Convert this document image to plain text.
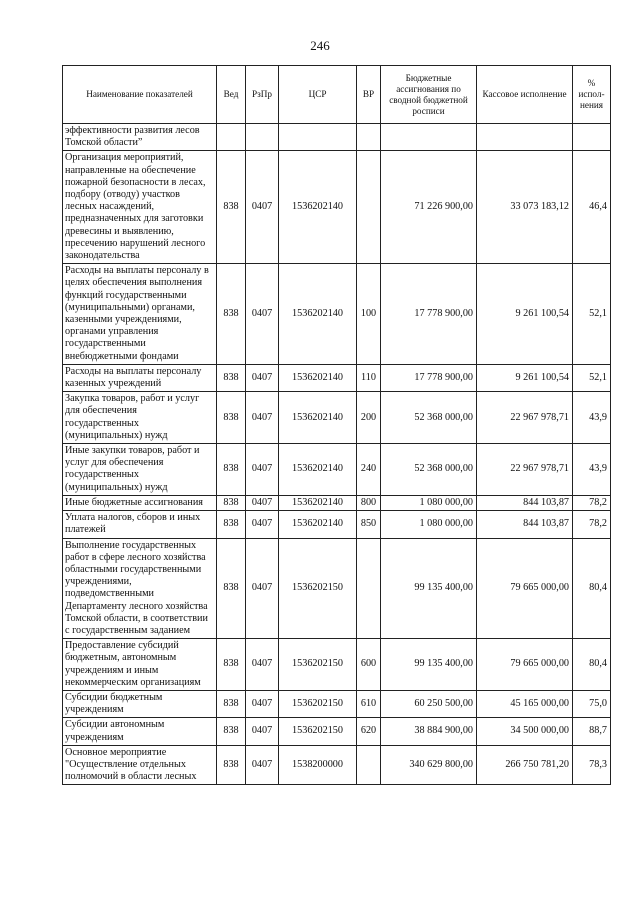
246
Наименование показателей	Вед	РзПр	ЦСР	ВР	Бюджетные ассигнования по сводной бюджетной росписи	Кассовое исполнение	% испол-нения
эффективности развития лесов Томской области”							
Организация мероприятий, направленные на обеспечение пожарной безопасности в лесах, подбору (отводу) участков лесных насаждений, предназначенных для заготовки древесины и выявлению, пресечению нарушений лесного законодательства	838	0407	1536202140		71 226 900,00	33 073 183,12	46,4
Расходы на выплаты персоналу в целях обеспечения выполнения функций государственными (муниципальными) органами, казенными учреждениями, органами управления государственными внебюджетными фондами	838	0407	1536202140	100	17 778 900,00	9 261 100,54	52,1
Расходы на выплаты персоналу казенных учреждений	838	0407	1536202140	110	17 778 900,00	9 261 100,54	52,1
Закупка товаров, работ и услуг для обеспечения государственных (муниципальных) нужд	838	0407	1536202140	200	52 368 000,00	22 967 978,71	43,9
Иные закупки товаров, работ и услуг для обеспечения государственных (муниципальных) нужд	838	0407	1536202140	240	52 368 000,00	22 967 978,71	43,9
Иные бюджетные ассигнования	838	0407	1536202140	800	1 080 000,00	844 103,87	78,2
Уплата налогов, сборов и иных платежей	838	0407	1536202140	850	1 080 000,00	844 103,87	78,2
Выполнение государственных работ в сфере лесного хозяйства областными государственными учреждениями, подведомственными Департаменту лесного хозяйства Томской области, в соответствии с государственным заданием	838	0407	1536202150		99 135 400,00	79 665 000,00	80,4
Предоставление субсидий бюджетным, автономным учреждениям и иным некоммерческим организациям	838	0407	1536202150	600	99 135 400,00	79 665 000,00	80,4
Субсидии бюджетным учреждениям	838	0407	1536202150	610	60 250 500,00	45 165 000,00	75,0
Субсидии автономным учреждениям	838	0407	1536202150	620	38 884 900,00	34 500 000,00	88,7
Основное мероприятие "Осуществление отдельных полномочий в области лесных	838	0407	1538200000		340 629 800,00	266 750 781,20	78,3
